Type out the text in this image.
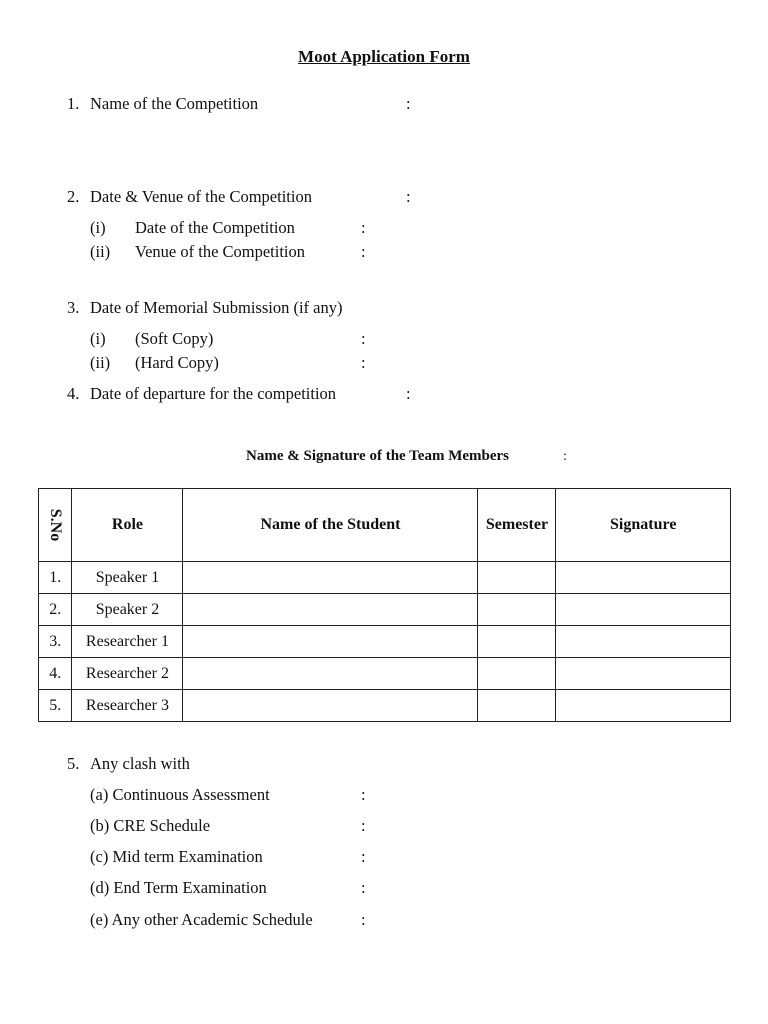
Moot Application Form
1. Name of the Competition	:
2. Date & Venue of the Competition	:
(i) Date of the Competition	:
(ii) Venue of the Competition	:
3. Date of Memorial Submission (if any)
(i) (Soft Copy)	:
(ii) (Hard Copy)	:
4. Date of departure for the competition	:
Name & Signature of the Team Members	:
S.No	Role	Name of the Student	Semester	Signature
1.	Speaker 1			
2.	Speaker 2			
3.	Researcher 1			
4.	Researcher 2			
5.	Researcher 3			
5. Any clash with
(a) Continuous Assessment	:
(b) CRE Schedule	:
(c) Mid term Examination	:
(d) End Term Examination	:
(e) Any other Academic Schedule	:
